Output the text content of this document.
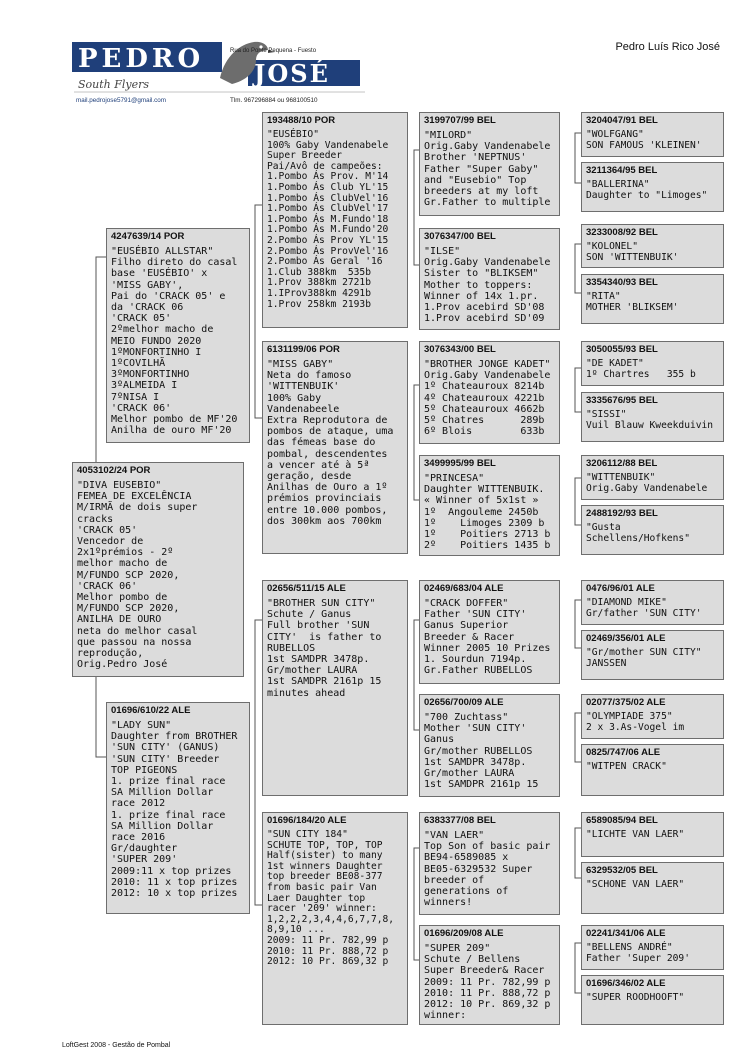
PEDRO JOSÉ
Rua do Ponte Pequena - Fuesto
South Flyers
mail.pedrojose5791@gmail.com	Tlm. 967296884 ou 968100510
Pedro Luís Rico José
4053102/24 POR
"DIVA EUSEBIO"
FEMEA DE EXCELÊNCIA
M/IRMÃ de dois super
cracks
'CRACK 05'
Vencedor de
2x1ºprémios - 2º
melhor macho de
M/FUNDO SCP 2020,
'CRACK 06'
Melhor pombo de
M/FUNDO SCP 2020,
ANILHA DE OURO
neta do melhor casal
que passou na nossa
reprodução,
Orig.Pedro José
4247639/14 POR
"EUSÉBIO ALLSTAR"
Filho direto do casal
base 'EUSÉBIO' x
'MISS GABY',
Pai do 'CRACK 05' e
da 'CRACK 06
'CRACK 05'
2ºmelhor macho de
MEIO FUNDO 2020
1ºMONFORTINHO I
1ºCOVILHÃ
3ºMONFORTINHO
3ºALMEIDA I
7ºNISA I
'CRACK 06'
Melhor pombo de MF'20
Anilha de ouro MF'20
01696/610/22 ALE
"LADY SUN"
Daughter from BROTHER
'SUN CITY' (GANUS)
'SUN CITY' Breeder
TOP PIGEONS
1. prize final race
SA Million Dollar
race 2012
1. prize final race
SA Million Dollar
race 2016
Gr/daughter
'SUPER 209'
2009:11 x top prizes
2010: 11 x top prizes
2012: 10 x top prizes
193488/10 POR
"EUSÉBIO"
100% Gaby Vandenabele
Super Breeder
Pai/Avô de campeões:
1.Pombo Ás Prov. M'14
1.Pombo Ás Club YL'15
1.Pombo Ás ClubVel'16
1.Pombo Ás ClubVel'17
1.Pombo Ás M.Fundo'18
1.Pombo Ás M.Fundo'20
2.Pombo Ás Prov YL'15
2.Pombo Ás ProvVel'16
2.Pombo Ás Geral '16
1.Club 388km  535b
1.Prov 388km 2721b
1.IProv388km 4291b
1.Prov 258km 2193b
6131199/06 POR
"MISS GABY"
Neta do famoso
'WITTENBUIK'
100% Gaby
Vandenabeele
Extra Reprodutora de
pombos de ataque, uma
das fémeas base do
pombal, descendentes
a vencer até à 5ª
geração, desde
Anilhas de Ouro a 1º
prémios provinciais
entre 10.000 pombos,
dos 300km aos 700km
02656/511/15 ALE
"BROTHER SUN CITY"
Schute / Ganus
Full brother 'SUN
CITY'  is father to
RUBELLOS
1st SAMDPR 3478p.
Gr/mother LAURA
1st SAMDPR 2161p 15
minutes ahead
01696/184/20 ALE
"SUN CITY 184"
SCHUTE TOP, TOP, TOP
Half(sister) to many
1st winners Daughter
top breeder BE08-377
from basic pair Van
Laer Daughter top
racer '209' winner:
1,2,2,2,3,4,4,6,7,7,8,
8,9,10 ...
2009: 11 Pr. 782,99 p
2010: 11 Pr. 888,72 p
2012: 10 Pr. 869,32 p
3199707/99 BEL
"MILORD"
Orig.Gaby Vandenabele
Brother 'NEPTNUS'
Father "Super Gaby"
and "Eusebio" Top
breeders at my loft
Gr.Father to multiple
3076347/00 BEL
"ILSE"
Orig.Gaby Vandenabele
Sister to "BLIKSEM"
Mother to toppers:
Winner of 14x 1.pr.
1.Prov acebird SD'08
1.Prov acebird SD'09
3076343/00 BEL
"BROTHER JONGE KADET"
Orig.Gaby Vandenabele
1º Chateauroux 8214b
4º Chateauroux 4221b
5º Chateauroux 4662b
5º Chatres      289b
6º Blois        633b
3499995/99 BEL
"PRINCESA"
Daughter WITTENBUIK.
« Winner of 5x1st »
1º  Angouleme 2450b
1º    Limoges 2309 b
1º    Poitiers 2713 b
2º    Poitiers 1435 b
02469/683/04 ALE
"CRACK DOFFER"
Father 'SUN CITY'
Ganus Superior
Breeder & Racer
Winner 2005 10 Prizes
1. Sourdun 7194p.
Gr.Father RUBELLOS
02656/700/09 ALE
"700 Zuchtass"
Mother 'SUN CITY'
Ganus
Gr/mother RUBELLOS
1st SAMDPR 3478p.
Gr/mother LAURA
1st SAMDPR 2161p 15
6383377/08 BEL
"VAN LAER"
Top Son of basic pair
BE94-6589085 x
BE05-6329532 Super
breeder of
generations of
winners!
01696/209/08 ALE
"SUPER 209"
Schute / Bellens
Super Breeder& Racer
2009: 11 Pr. 782,99 p
2010: 11 Pr. 888,72 p
2012: 10 Pr. 869,32 p
winner:
3204047/91 BEL
"WOLFGANG"
SON FAMOUS 'KLEINEN'
3211364/95 BEL
"BALLERINA"
Daughter to "Limoges"
3233008/92 BEL
"KOLONEL"
SON 'WITTENBUIK'
3354340/93 BEL
"RITA"
MOTHER 'BLIKSEM'
3050055/93 BEL
"DE KADET"
1º Chartres   355 b
3335676/95 BEL
"SISSI"
Vuil Blauw Kweekduivin
3206112/88 BEL
"WITTENBUIK"
Orig.Gaby Vandenabele
2488192/93 BEL
"Gusta
Schellens/Hofkens"
0476/96/01 ALE
"DIAMOND MIKE"
Gr/father 'SUN CITY'
02469/356/01 ALE
"Gr/mother SUN CITY"
JANSSEN
02077/375/02 ALE
"OLYMPIADE 375"
2 x 3.As-Vogel im
0825/747/06 ALE
"WITPEN CRACK"
6589085/94 BEL
"LICHTE VAN LAER"
6329532/05 BEL
"SCHONE VAN LAER"
02241/341/06 ALE
"BELLENS ANDRÉ"
Father 'Super 209'
01696/346/02 ALE
"SUPER ROODHOOFT"
LoftGest 2008 - Gestão de Pombal
